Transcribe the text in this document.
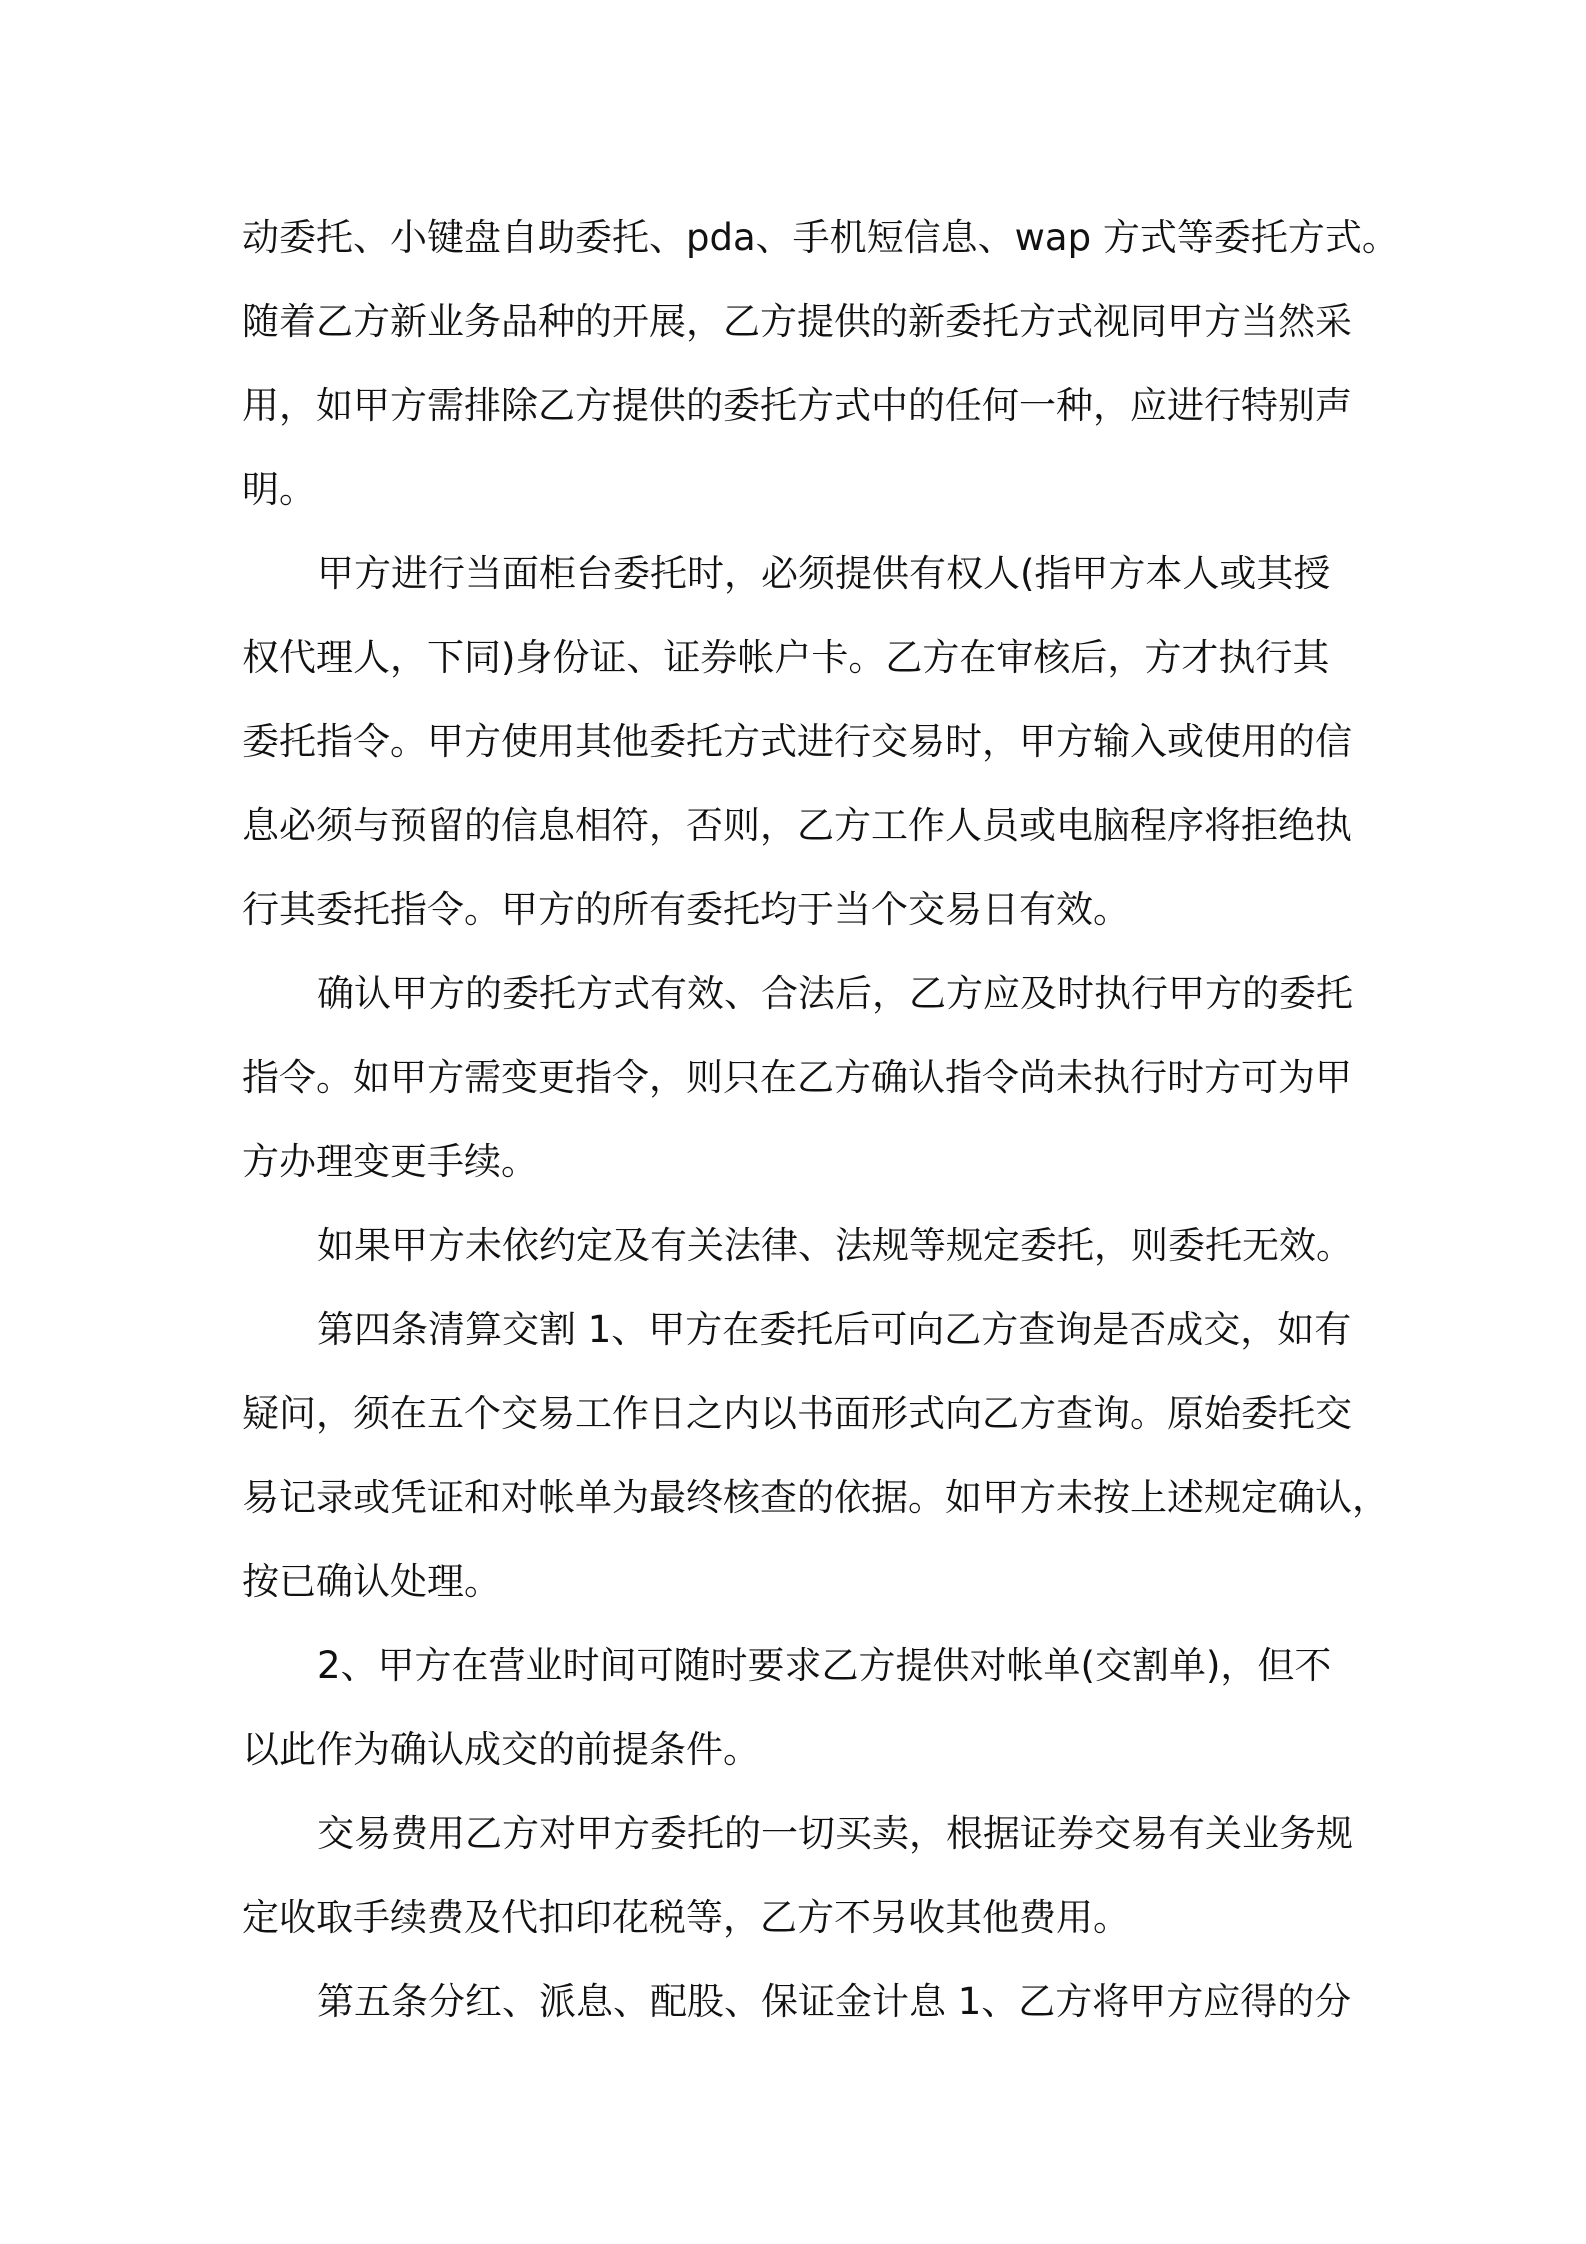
动委托、小键盘自助委托、pda、手机短信息、wap 方式等委托方式。
随着乙方新业务品种的开展，乙方提供的新委托方式视同甲方当然采
用，如甲方需排除乙方提供的委托方式中的任何一种，应进行特别声
明。
甲方进行当面柜台委托时，必须提供有权人(指甲方本人或其授
权代理人，下同)身份证、证券帐户卡。乙方在审核后，方才执行其
委托指令。甲方使用其他委托方式进行交易时，甲方输入或使用的信
息必须与预留的信息相符，否则，乙方工作人员或电脑程序将拒绝执
行其委托指令。甲方的所有委托均于当个交易日有效。
确认甲方的委托方式有效、合法后，乙方应及时执行甲方的委托
指令。如甲方需变更指令，则只在乙方确认指令尚未执行时方可为甲
方办理变更手续。
如果甲方未依约定及有关法律、法规等规定委托，则委托无效。
第四条清算交割 1、甲方在委托后可向乙方查询是否成交，如有
疑问，须在五个交易工作日之内以书面形式向乙方查询。原始委托交
易记录或凭证和对帐单为最终核查的依据。如甲方未按上述规定确认，
按已确认处理。
2、甲方在营业时间可随时要求乙方提供对帐单(交割单)，但不
以此作为确认成交的前提条件。
交易费用乙方对甲方委托的一切买卖，根据证券交易有关业务规
定收取手续费及代扣印花税等，乙方不另收其他费用。
第五条分红、派息、配股、保证金计息 1、乙方将甲方应得的分
